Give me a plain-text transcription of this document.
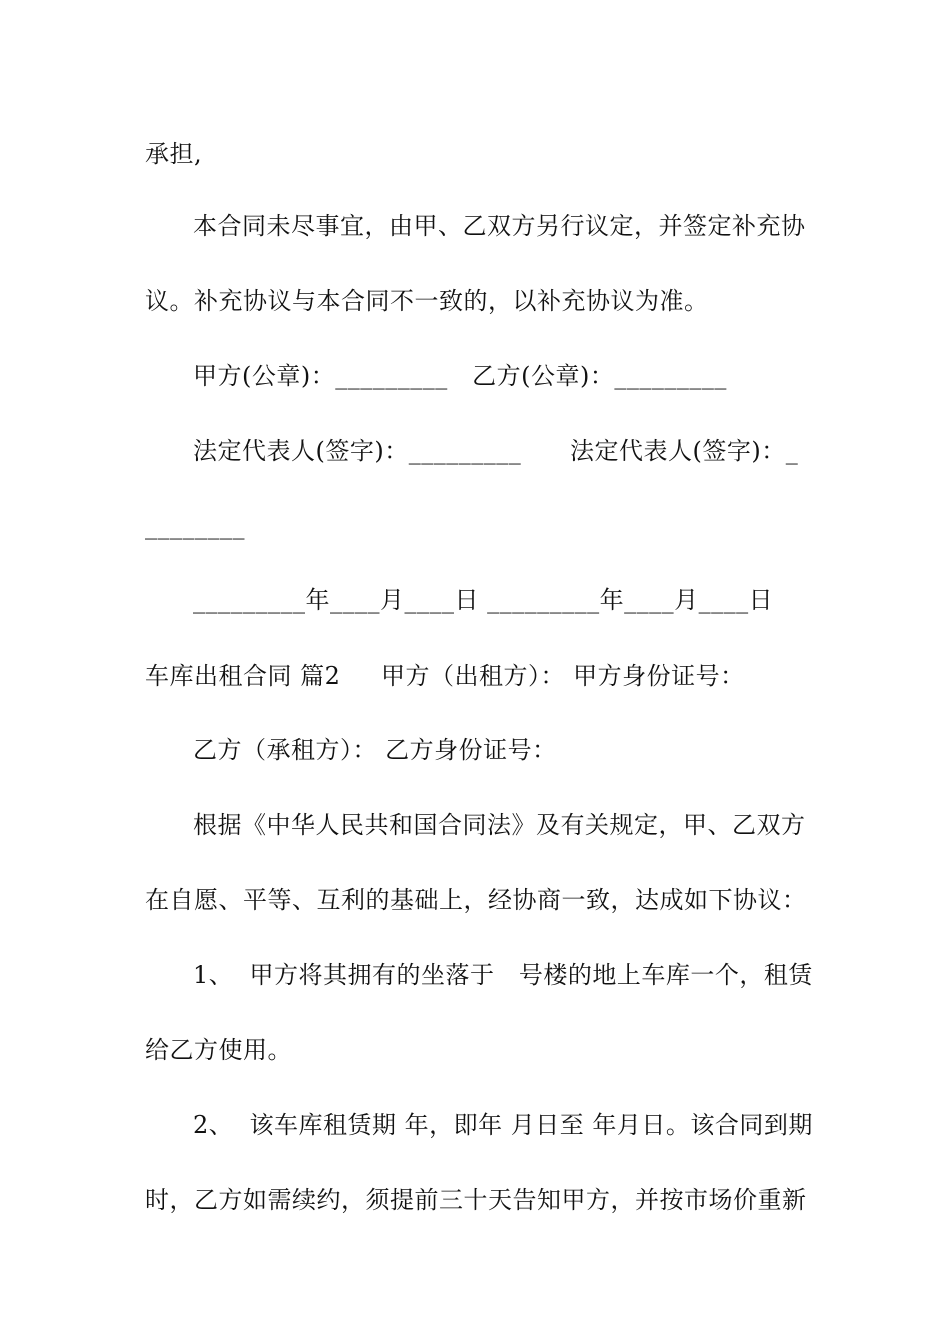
承担,
本合同未尽事宜，由甲、乙双方另行议定，并签定补充协
议。补充协议与本合同不一致的，以补充协议为准。
甲方(公章)：_________   乙方(公章)：_________
法定代表人(签字)：_________      法定代表人(签字)：_
________
_________年____月____日 _________年____月____日
车库出租合同 篇2     甲方（出租方）： 甲方身份证号：
乙方（承租方）： 乙方身份证号：
根据《中华人民共和国合同法》及有关规定，甲、乙双方
在自愿、平等、互利的基础上，经协商一致，达成如下协议：
1、  甲方将其拥有的坐落于   号楼的地上车库一个，租赁
给乙方使用。
2、  该车库租赁期 年，即年 月日至 年月日。该合同到期
时，乙方如需续约，须提前三十天告知甲方，并按市场价重新
